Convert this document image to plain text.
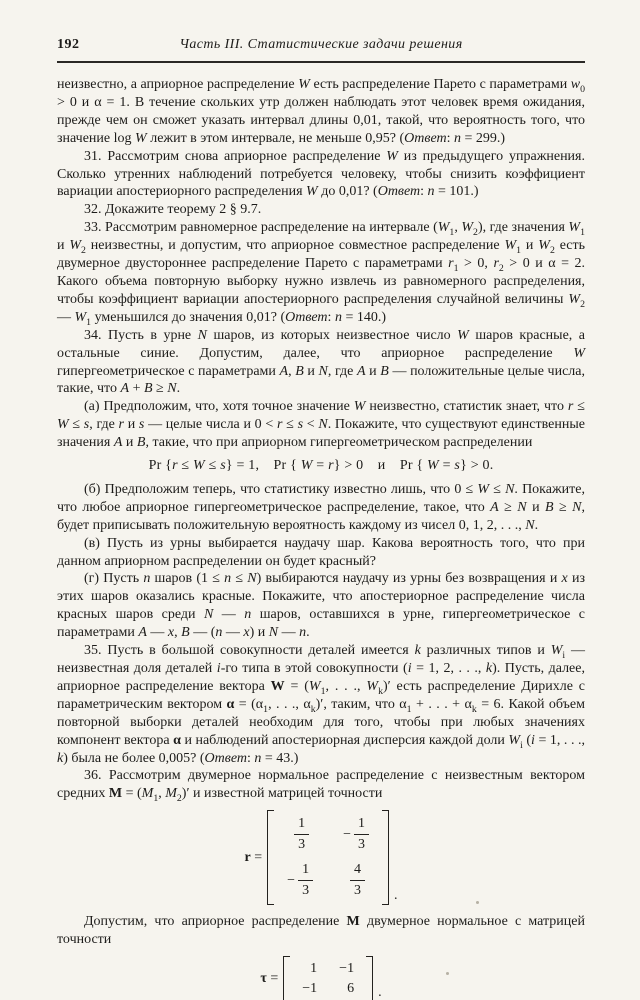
192	Часть III. Статистические задачи решения

неизвестно, а априорное распределение W есть распределение Парето с параметрами $w_0 > 0$ и α = 1. В течение скольких утр должен наблюдать этот человек время ожидания, прежде чем он сможет указать интервал длины 0,01, такой, что вероятность того, что значение log W лежит в этом интервале, не меньше 0,95? (Ответ: n = 299.)

31. Рассмотрим снова априорное распределение W из предыдущего упражнения. Сколько утренних наблюдений потребуется человеку, чтобы снизить коэффициент вариации апостериорного распределения W до 0,01? (Ответ: n = 101.)

32. Докажите теорему 2 § 9.7.

33. Рассмотрим равномерное распределение на интервале ($W_1$, $W_2$), где значения $W_1$ и $W_2$ неизвестны, и допустим, что априорное совместное распределение $W_1$ и $W_2$ есть двумерное двустороннее распределение Парето с параметрами $r_1 > 0$, $r_2 > 0$ и α = 2. Какого объема повторную выборку нужно извлечь из равномерного распределения, чтобы коэффициент вариации апостериорного распределения случайной величины $W_2$ — $W_1$ уменьшился до значения 0,01? (Ответ: n = 140.)

34. Пусть в урне N шаров, из которых неизвестное число W шаров красные, а остальные синие. Допустим, далее, что априорное распределение W гипергеометрическое с параметрами A, B и N, где A и B — положительные целые числа, такие, что A + B ≥ N.

(а) Предположим, что, хотя точное значение W неизвестно, статистик знает, что r ≤ W ≤ s, где r и s — целые числа и 0 < r ≤ s < N. Покажите, что существуют единственные значения A и B, такие, что при априорном гипергеометрическом распределении

Pr {r ≤ W ≤ s} = 1,  Pr { W = r} > 0  и  Pr { W = s} > 0.

(б) Предположим теперь, что статистику известно лишь, что 0 ≤ W ≤ N. Покажите, что любое априорное гипергеометрическое распределение, такое, что A ≥ N и B ≥ N, будет приписывать положительную вероятность каждому из чисел 0, 1, 2, . . ., N.

(в) Пусть из урны выбирается наудачу шар. Какова вероятность того, что при данном априорном распределении он будет красный?

(г) Пусть n шаров (1 ≤ n ≤ N) выбираются наудачу из урны без возвращения и x из этих шаров оказались красные. Покажите, что апостериорное распределение числа красных шаров среди N — n шаров, оставшихся в урне, гипергеометрическое с параметрами A — x, B — (n — x) и N — n.

35. Пусть в большой совокупности деталей имеется k различных типов и $W_i$ — неизвестная доля деталей i-го типа в этой совокупности (i = 1, 2, . . ., k). Пусть, далее, априорное распределение вектора $W = (W_1$, . . ., $W_k)'$ есть распределение Дирихле с параметрическим вектором $\alpha = (\alpha_1$, . . ., $\alpha_k)'$, таким, что $\alpha_1$ + . . . + $\alpha_k = 6$. Какой объем повторной выборки деталей необходим для того, чтобы при любых значениях компонент вектора α и наблюдений апостериорная дисперсия каждой доли $W_i$ (i = 1, . . ., k) была не более 0,005? (Ответ: n = 43.)

36. Рассмотрим двумерное нормальное распределение с неизвестным вектором средних $M = (M_1$, $M_2)'$ и известной матрицей точности

r =
$\frac{1}{3} - \frac{1}{3}$
− $\frac{1}{3}$	$\frac{4}{3}$ .

Допустим, что априорное распределение M двумерное нормальное с матрицей точности

τ =
1 −1
−1 6 .
